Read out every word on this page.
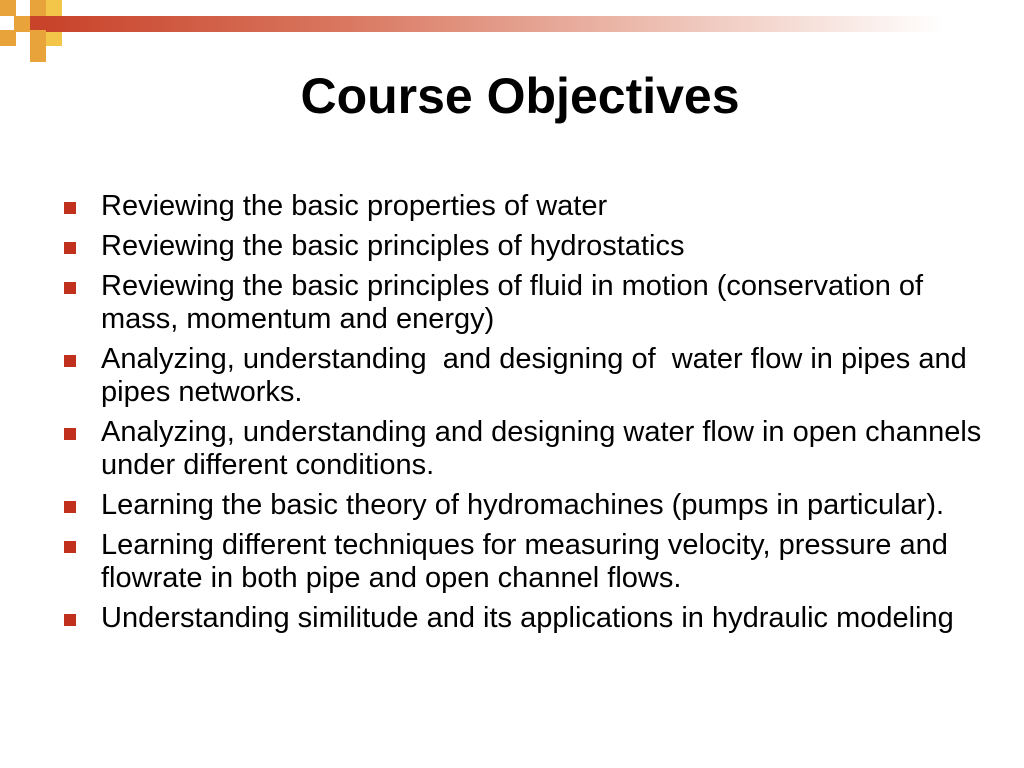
Course Objectives
Reviewing the basic properties of water
Reviewing the basic principles of hydrostatics
Reviewing the basic principles of fluid in motion (conservation of mass, momentum and energy)
Analyzing, understanding  and designing of  water flow in pipes and pipes networks.
Analyzing, understanding and designing water flow in open channels under different conditions.
Learning the basic theory of hydromachines (pumps in particular).
Learning different techniques for measuring velocity, pressure and flowrate in both pipe and open channel flows.
Understanding similitude and its applications in hydraulic modeling
